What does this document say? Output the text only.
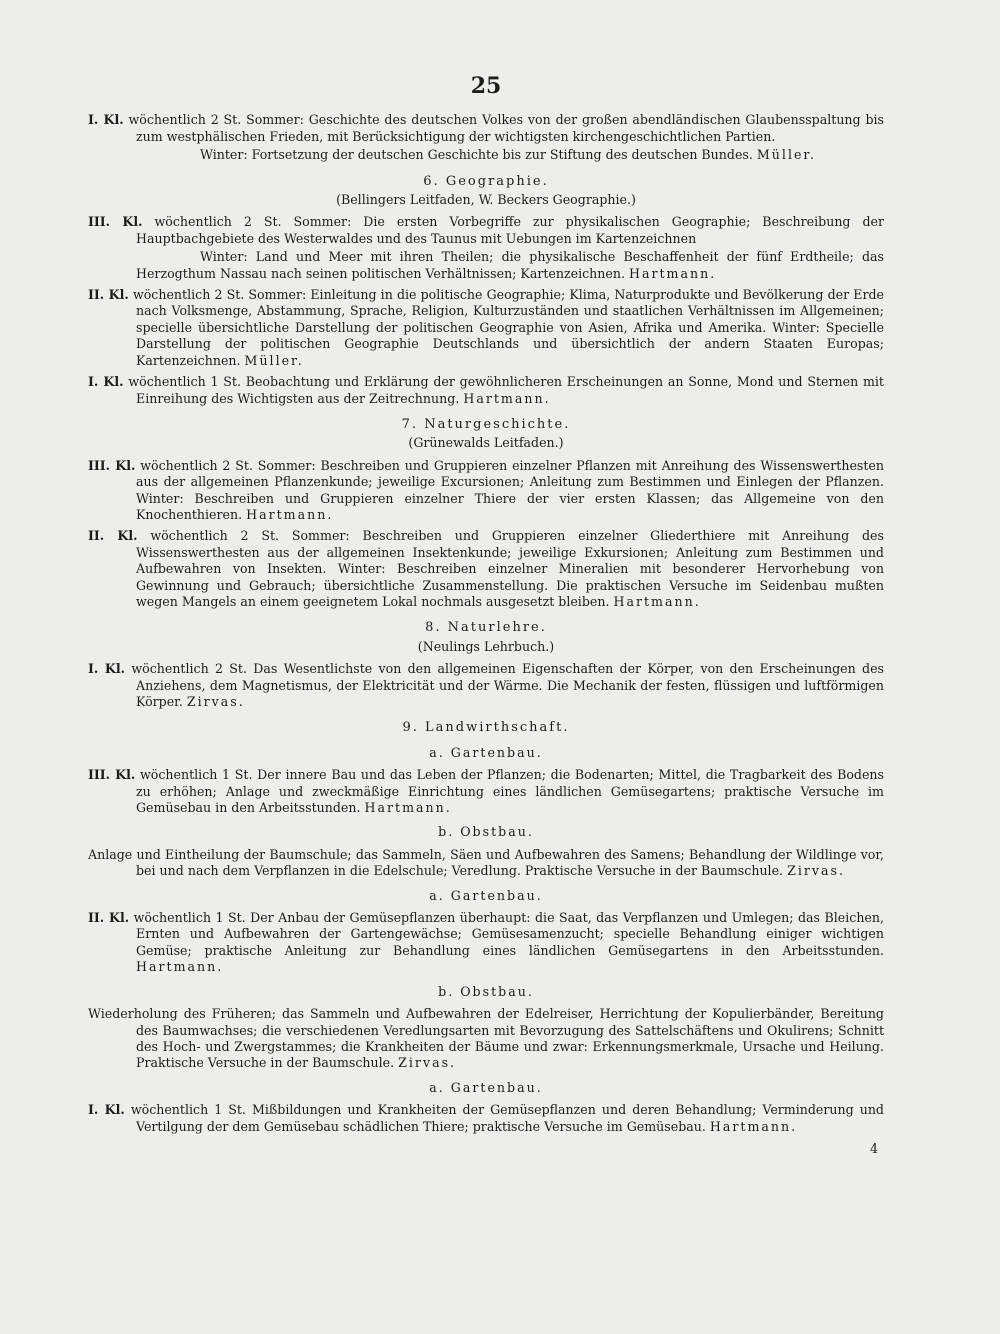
25

I. Kl. wöchentlich 2 St. Sommer: Geschichte des deutschen Volkes von der großen abendländischen Glaubensspaltung bis zum westphälischen Frieden, mit Berücksichtigung der wichtigsten kirchengeschichtlichen Partien.

Winter: Fortsetzung der deutschen Geschichte bis zur Stiftung des deutschen Bundes. Müller.

6. Geographie.
(Bellingers Leitfaden, W. Beckers Geographie.)

III. Kl. wöchentlich 2 St. Sommer: Die ersten Vorbegriffe zur physikalischen Geographie; Beschreibung der Hauptbachgebiete des Westerwaldes und des Taunus mit Uebungen im Kartenzeichnen

Winter: Land und Meer mit ihren Theilen; die physikalische Beschaffenheit der fünf Erdtheile; das Herzogthum Nassau nach seinen politischen Verhältnissen; Kartenzeichnen. Hartmann.

II. Kl. wöchentlich 2 St. Sommer: Einleitung in die politische Geographie; Klima, Naturprodukte und Bevölkerung der Erde nach Volksmenge, Abstammung, Sprache, Religion, Kulturzuständen und staatlichen Verhältnissen im Allgemeinen; specielle übersichtliche Darstellung der politischen Geographie von Asien, Afrika und Amerika. Winter: Specielle Darstellung der politischen Geographie Deutschlands und übersichtlich der andern Staaten Europas; Kartenzeichnen. Müller.

I. Kl. wöchentlich 1 St. Beobachtung und Erklärung der gewöhnlicheren Erscheinungen an Sonne, Mond und Sternen mit Einreihung des Wichtigsten aus der Zeitrechnung. Hartmann.

7. Naturgeschichte.
(Grünewalds Leitfaden.)

III. Kl. wöchentlich 2 St. Sommer: Beschreiben und Gruppieren einzelner Pflanzen mit Anreihung des Wissenswerthesten aus der allgemeinen Pflanzenkunde; jeweilige Excursionen; Anleitung zum Bestimmen und Einlegen der Pflanzen. Winter: Beschreiben und Gruppieren einzelner Thiere der vier ersten Klassen; das Allgemeine von den Knochenthieren. Hartmann.

II. Kl. wöchentlich 2 St. Sommer: Beschreiben und Gruppieren einzelner Gliederthiere mit Anreihung des Wissenswerthesten aus der allgemeinen Insektenkunde; jeweilige Exkursionen; Anleitung zum Bestimmen und Aufbewahren von Insekten. Winter: Beschreiben einzelner Mineralien mit besonderer Hervorhebung von Gewinnung und Gebrauch; übersichtliche Zusammenstellung. Die praktischen Versuche im Seidenbau mußten wegen Mangels an einem geeignetem Lokal nochmals ausgesetzt bleiben. Hartmann.

8. Naturlehre.
(Neulings Lehrbuch.)

I. Kl. wöchentlich 2 St. Das Wesentlichste von den allgemeinen Eigenschaften der Körper, von den Erscheinungen des Anziehens, dem Magnetismus, der Elektricität und der Wärme. Die Mechanik der festen, flüssigen und luftförmigen Körper. Zirvas.

9. Landwirthschaft.
a. Gartenbau.

III. Kl. wöchentlich 1 St. Der innere Bau und das Leben der Pflanzen; die Bodenarten; Mittel, die Tragbarkeit des Bodens zu erhöhen; Anlage und zweckmäßige Einrichtung eines ländlichen Gemüsegartens; praktische Versuche im Gemüsebau in den Arbeitsstunden. Hartmann.

b. Obstbau.

Anlage und Eintheilung der Baumschule; das Sammeln, Säen und Aufbewahren des Samens; Behandlung der Wildlinge vor, bei und nach dem Verpflanzen in die Edelschule; Veredlung. Praktische Versuche in der Baumschule. Zirvas.

a. Gartenbau.

II. Kl. wöchentlich 1 St. Der Anbau der Gemüsepflanzen überhaupt: die Saat, das Verpflanzen und Umlegen; das Bleichen, Ernten und Aufbewahren der Gartengewächse; Gemüsesamenzucht; specielle Behandlung einiger wichtigen Gemüse; praktische Anleitung zur Behandlung eines ländlichen Gemüsegartens in den Arbeitsstunden. Hartmann.

b. Obstbau.

Wiederholung des Früheren; das Sammeln und Aufbewahren der Edelreiser, Herrichtung der Kopulierbänder, Bereitung des Baumwachses; die verschiedenen Veredlungsarten mit Bevorzugung des Sattelschäftens und Okulirens; Schnitt des Hoch- und Zwergstammes; die Krankheiten der Bäume und zwar: Erkennungsmerkmale, Ursache und Heilung. Praktische Versuche in der Baumschule. Zirvas.

a. Gartenbau.

I. Kl. wöchentlich 1 St. Mißbildungen und Krankheiten der Gemüsepflanzen und deren Behandlung; Verminderung und Vertilgung der dem Gemüsebau schädlichen Thiere; praktische Versuche im Gemüsebau. Hartmann.

4
